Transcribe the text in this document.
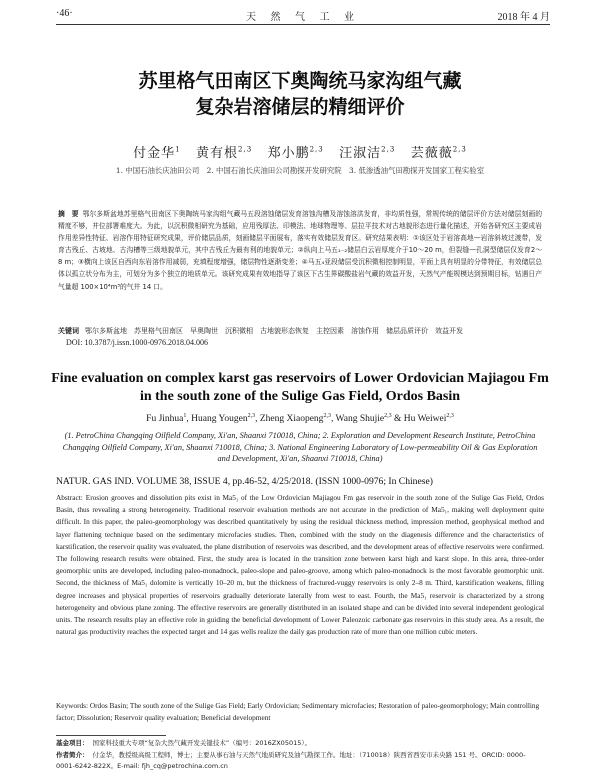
·46·	天 然 气 工 业	2018 年 4 月
苏里格气田南区下奥陶统马家沟组气藏
复杂岩溶储层的精细评价
付金华$^1$ 黄有根$^{2,3}$ 郑小鹏$^{2,3}$ 汪淑洁$^{2,3}$ 芸薇薇$^{2,3}$
1. 中国石油长庆油田公司　2. 中国石油长庆油田公司勘探开发研究院　3. 低渗透油气田勘探开发国家工程实验室
摘　要 鄂尔多斯盆地苏里格气田南区下奥陶统马家沟组气藏马五段溶蚀储层发育溶蚀沟槽及溶蚀溶洪发育，非均质性强，常规传统的储层评价方法对储层刻画的精度不够，井位部署难度大。为此，以沉积微相研究为基础，应用残厚法、印模法、地球物理等、层拉平技术对古地貌形态进行量化描述，开始各研究区主要成岩作用差异性特征、岩溶作用特征研究成果，评价储层品质，刻画储层平面展布，落实有效储层发育区。研究结果表明：①该区处于岩溶高地—岩溶斜坡过渡带，发育古残丘、古坡地、古沟槽等三级地貌单元，其中古残丘为最有利的地貌单元；②纵向上马五₁₋₂储层白云岩厚度介于10～20 m，但裂缝—孔洞型储层仅发育2～8 m；③横向上该区自西向东岩溶作用减弱，充填程度增强，储层物性逐渐变差；④马五₄亚段储层受沉积微相控制明显，平面上具有明显的分带特征，有效储层总体以孤立状分布为主，可划分为多个独立的地质单元。该研究成果有效地指导了该区下古生界碳酸盐岩气藏的效益开发，天然气产能规模达到预期目标，钻遇日产气量超 100×10⁴m³的气井 14 口。
关键词 鄂尔多斯盆地　苏里格气田南区　早奥陶世　沉积微相　古地貌形态恢复　主控因素　溶蚀作用　储层品质评价　效益开发
DOI: 10.3787/j.issn.1000-0976.2018.04.006
Fine evaluation on complex karst gas reservoirs of Lower Ordovician Majiagou Fm
in the south zone of the Sulige Gas Field, Ordos Basin
Fu Jinhua$^1$, Huang Yougen$^{2,3}$, Zheng Xiaopeng$^{2,3}$, Wang Shujie$^{2,3}$ & Hu Weiwei$^{2,3}$
(1. PetroChina Changqing Oilfield Company, Xi'an, Shaanxi 710018, China; 2. Exploration and Development Research Institute, PetroChina Changqing Oilfield Company, Xi'an, Shaanxi 710018, China; 3. National Engineering Laboratory of Low-permeability Oil & Gas Exploration and Development, Xi'an, Shaanxi 710018, China)
NATUR. GAS IND. VOLUME 38, ISSUE 4, pp.46-52, 4/25/2018. (ISSN 1000-0976; In Chinese)
Abstract: Erosion grooves and dissolution pits exist in Ma5₁ of the Low Ordovician Majiagou Fm gas reservoir in the south zone of the Sulige Gas Field, Ordos Basin, thus revealing a strong heterogeneity. Traditional reservoir evaluation methods are not accurate in the prediction of Ma5₁, making well deployment quite difficult. In this paper, the paleo-geomorphology was described quantitatively by using the residual thickness method, impression method, geophysical method and layer flattening technique based on the sedimentary microfacies studies. Then, combined with the study on the diagenesis difference and the characteristics of karstification, the reservoir quality was evaluated, the plane distribution of reservoirs was described, and the development areas of effective reservoirs were confirmed. The following research results were obtained. First, the study area is located in the transition zone between karst high and karst slope. In this area, three-order geomorphic units are developed, including paleo-monadnock, paleo-slope and paleo-groove, among which paleo-monadnock is the most favorable geomorphic unit. Second, the thickness of Ma5₁ dolomite is vertically 10–20 m, but the thickness of fractured-vuggy reservoirs is only 2–8 m. Third, karstification weakens, filling degree increases and physical properties of reservoirs gradually deteriorate laterally from west to east. Fourth, the Ma5₁ reservoir is characterized by a strong heterogeneity and obvious plane zoning. The effective reservoirs are generally distributed in an isolated shape and can be divided into several independent geological units. The research results play an effective role in guiding the beneficial development of Lower Paleozoic carbonate gas reservoirs in this study area. As a result, the natural gas productivity reaches the expected target and 14 gas wells realize the daily gas production rate of more than one million cubic meters.
Keywords: Ordos Basin; The south zone of the Sulige Gas Field; Early Ordovician; Sedimentary microfacies; Restoration of paleo-geomorphology; Main controlling factor; Dissolution; Reservoir quality evaluation; Beneficial development
基金项目： 国家科技重大专项“复杂大然气藏开发关键技术”（编号：2016ZX05015）。
作者简介： 付金华，教授级高级工程师，博士；主要从事石油与天然气地质研究及油气勘探工作。地址：（710018）陕西省西安市未央路 151 号。ORCID: 0000-0001-6242-822X。E-mail: fjh_cq@petrochina.com.cn
